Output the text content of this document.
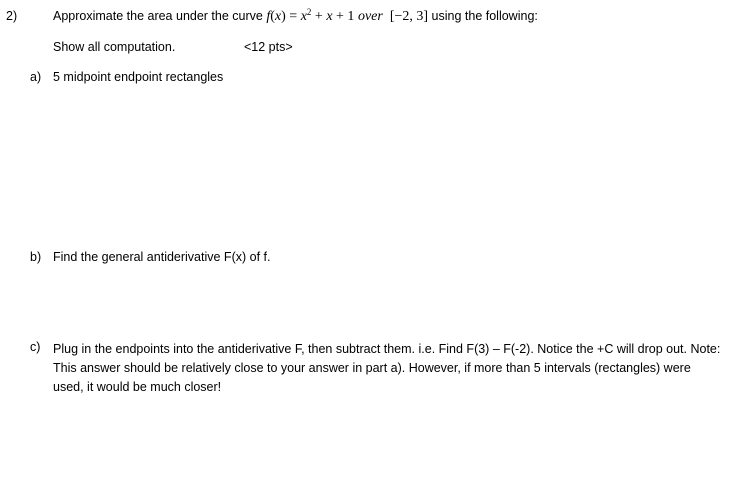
2)	Approximate the area under the curve $f(x) = x^2 + x + 1$ over [−2, 3] using the following:
Show all computation.	<12 pts>
a) 5 midpoint endpoint rectangles
b) Find the general antiderivative F(x) of f.
c) Plug in the endpoints into the antiderivative F, then subtract them. i.e. Find F(3) – F(-2). Notice the +C will drop out. Note: This answer should be relatively close to your answer in part a). However, if more than 5 intervals (rectangles) were used, it would be much closer!
